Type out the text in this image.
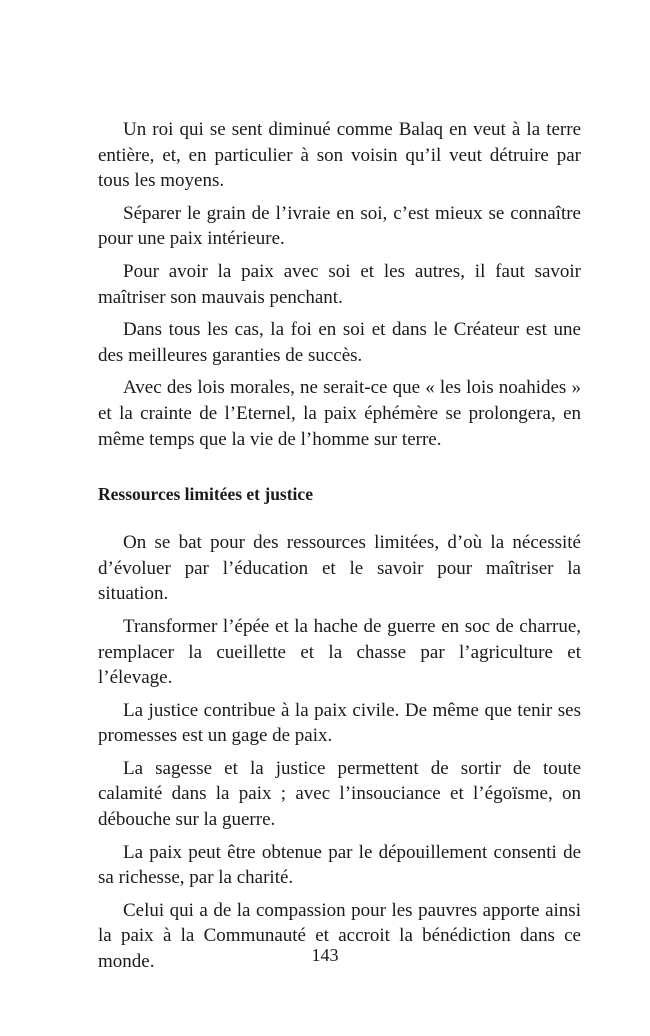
Un roi qui se sent diminué comme Balaq en veut à la terre entière, et, en particulier à son voisin qu’il veut détruire par tous les moyens.

Séparer le grain de l’ivraie en soi, c’est mieux se connaître pour une paix intérieure.

Pour avoir la paix avec soi et les autres, il faut savoir maîtriser son mauvais penchant.

Dans tous les cas, la foi en soi et dans le Créateur est une des meilleures garanties de succès.

Avec des lois morales, ne serait-ce que « les lois noahides » et la crainte de l’Eternel, la paix éphémère se prolongera, en même temps que la vie de l’homme sur terre.

Ressources limitées et justice

On se bat pour des ressources limitées, d’où la nécessité d’évoluer par l’éducation et le savoir pour maîtriser la situation.

Transformer l’épée et la hache de guerre en soc de charrue, remplacer la cueillette et la chasse par l’agriculture et l’élevage.

La justice contribue à la paix civile. De même que tenir ses promesses est un gage de paix.

La sagesse et la justice permettent de sortir de toute calamité dans la paix ; avec l’insouciance et l’égoïsme, on débouche sur la guerre.

La paix peut être obtenue par le dépouillement consenti de sa richesse, par la charité.

Celui qui a de la compassion pour les pauvres apporte ainsi la paix à la Communauté et accroit la bénédiction dans ce monde.	143
